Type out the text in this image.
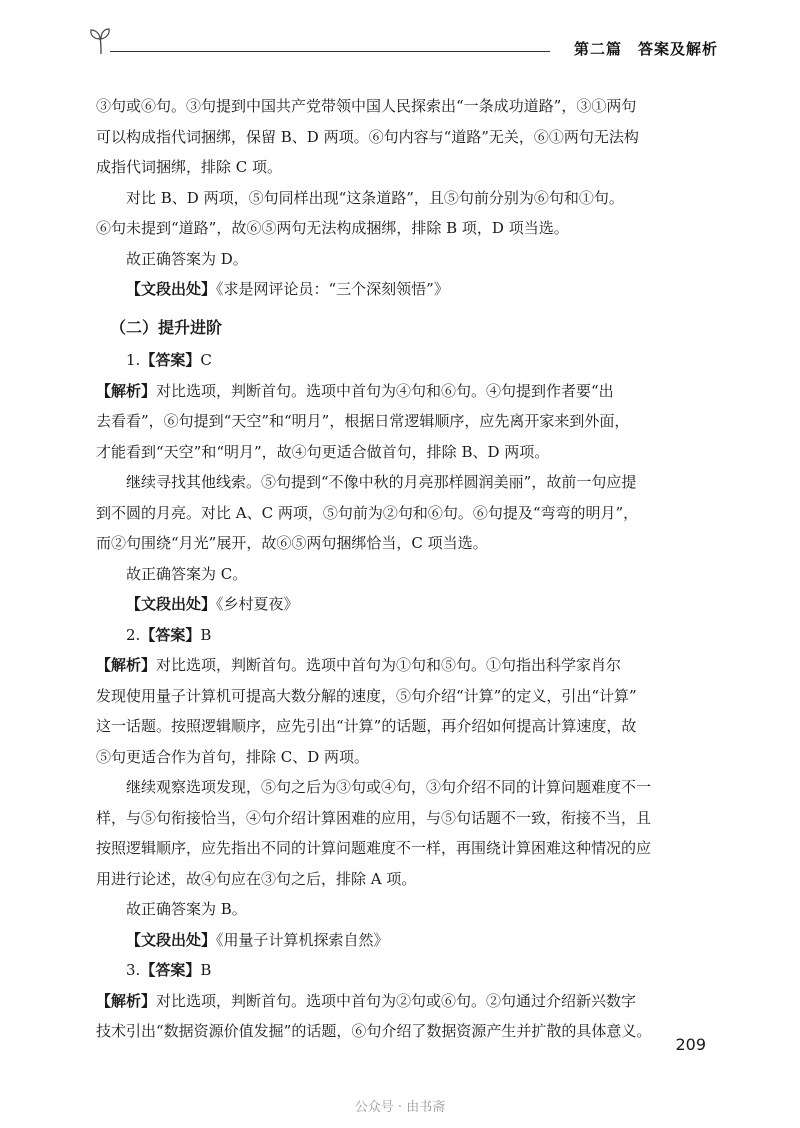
第二篇　答案及解析

③句或⑥句。③句提到中国共产党带领中国人民探索出“一条成功道路”，③①两句

可以构成指代词捆绑，保留 B、D 两项。⑥句内容与“道路”无关，⑥①两句无法构

成指代词捆绑，排除 C 项。

对比 B、D 两项，⑤句同样出现“这条道路”，且⑤句前分别为⑥句和①句。

⑥句未提到“道路”，故⑥⑤两句无法构成捆绑，排除 B 项，D 项当选。

故正确答案为 D。

【文段出处】《求是网评论员：“三个深刻领悟”》

（二）提升进阶

1.【答案】C

【解析】对比选项，判断首句。选项中首句为④句和⑥句。④句提到作者要“出

去看看”，⑥句提到“天空”和“明月”，根据日常逻辑顺序，应先离开家来到外面，

才能看到“天空”和“明月”，故④句更适合做首句，排除 B、D 两项。

继续寻找其他线索。⑤句提到“不像中秋的月亮那样圆润美丽”，故前一句应提

到不圆的月亮。对比 A、C 两项，⑤句前为②句和⑥句。⑥句提及“弯弯的明月”，

而②句围绕“月光”展开，故⑥⑤两句捆绑恰当，C 项当选。

故正确答案为 C。

【文段出处】《乡村夏夜》

2.【答案】B

【解析】对比选项，判断首句。选项中首句为①句和⑤句。①句指出科学家肖尔

发现使用量子计算机可提高大数分解的速度，⑤句介绍“计算”的定义，引出“计算”

这一话题。按照逻辑顺序，应先引出“计算”的话题，再介绍如何提高计算速度，故

⑤句更适合作为首句，排除 C、D 两项。

继续观察选项发现，⑤句之后为③句或④句，③句介绍不同的计算问题难度不一

样，与⑤句衔接恰当，④句介绍计算困难的应用，与⑤句话题不一致，衔接不当，且

按照逻辑顺序，应先指出不同的计算问题难度不一样，再围绕计算困难这种情况的应

用进行论述，故④句应在③句之后，排除 A 项。

故正确答案为 B。

【文段出处】《用量子计算机探索自然》

3.【答案】B

【解析】对比选项，判断首句。选项中首句为②句或⑥句。②句通过介绍新兴数字

技术引出“数据资源价值发掘”的话题，⑥句介绍了数据资源产生并扩散的具体意义。

209
公众号 · 由书斋
